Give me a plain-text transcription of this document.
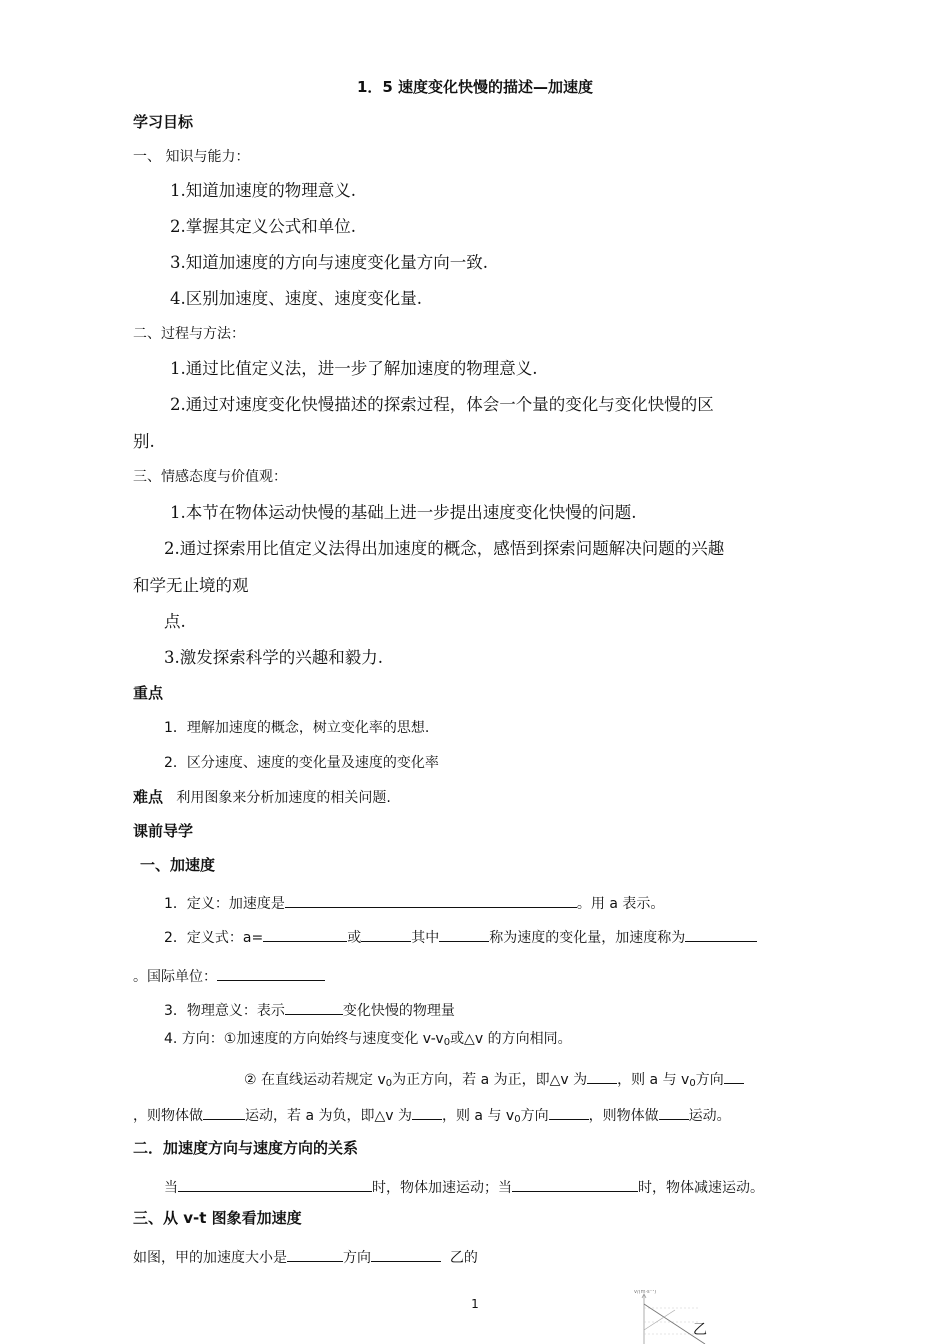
1．5 速度变化快慢的描述—加速度
学习目标
一、 知识与能力：
1.知道加速度的物理意义.
2.掌握其定义公式和单位.
3.知道加速度的方向与速度变化量方向一致.
4.区别加速度、速度、速度变化量.
二、过程与方法：
1.通过比值定义法，进一步了解加速度的物理意义.
2.通过对速度变化快慢描述的探索过程，体会一个量的变化与变化快慢的区
别.
三、情感态度与价值观：
1.本节在物体运动快慢的基础上进一步提出速度变化快慢的问题.
2.通过探索用比值定义法得出加速度的概念，感悟到探索问题解决问题的兴趣
和学无止境的观
点.
3.激发探索科学的兴趣和毅力.
重点
1．理解加速度的概念，树立变化率的思想.
2．区分速度、速度的变化量及速度的变化率
难点 利用图象来分析加速度的相关问题.
课前导学
一、加速度
1．定义：加速度是	。用 a 表示。
2．定义式：a=	或	其中	称为速度的变化量，加速度称为
。国际单位：
3．物理意义：表示	变化快慢的物理量
4. 方向：①加速度的方向始终与速度变化 $v-v_0$或△v 的方向相同。
② 在直线运动若规定 $v_0$为正方向，若 a 为正，即△v 为 ，则 a 与 $v_0$方向
，则物体做	运动，若 a 为负，即△v 为 ，则 a 与 $v_0$方向	，则物体做 运动。
二．加速度方向与速度方向的关系
当	时，物体加速运动；当	时，物体减速运动。
三、从 v-t 图象看加速度
如图，甲的加速度大小是	方向	乙的
1
v/(m·s⁻¹)
乙
